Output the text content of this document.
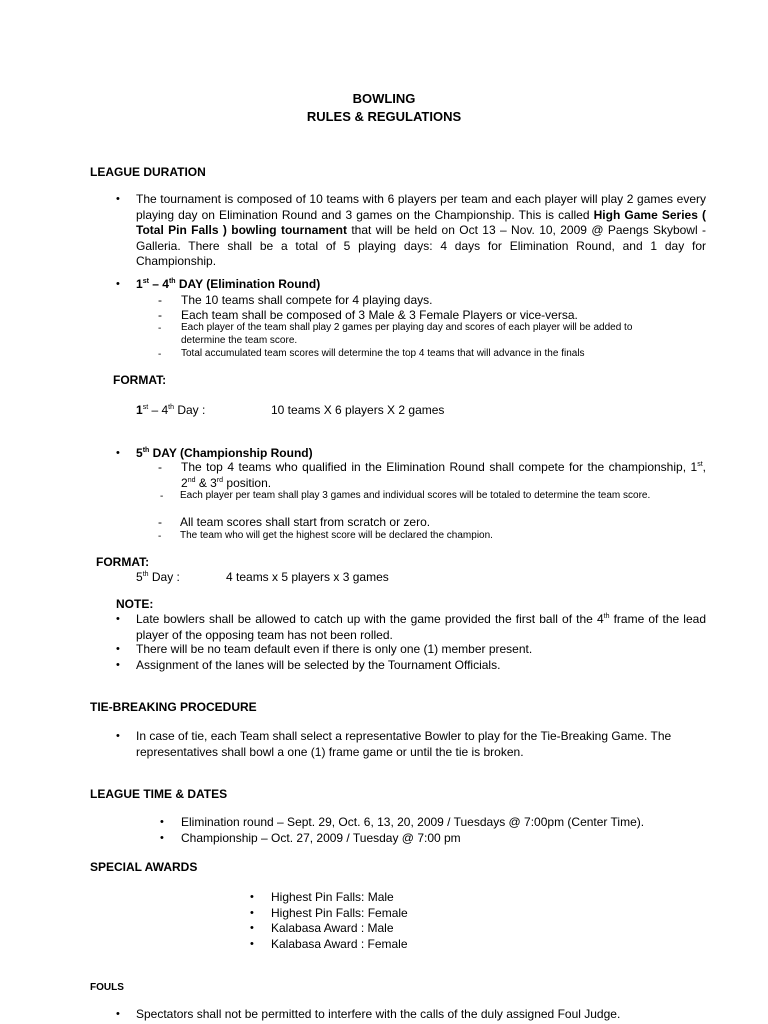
BOWLING
RULES & REGULATIONS
LEAGUE DURATION
• The tournament is composed of 10 teams with 6 players per team and each player will play 2 games every playing day on Elimination Round and 3 games on the Championship. This is called High Game Series ( Total Pin Falls ) bowling tournament that will be held on Oct 13 – Nov. 10, 2009 @ Paengs Skybowl - Galleria. There shall be a total of 5 playing days: 4 days for Elimination Round, and 1 day for Championship.
• 1st – 4th DAY (Elimination Round)
- The 10 teams shall compete for 4 playing days.
- Each team shall be composed of 3 Male & 3 Female Players or vice-versa.
- Each player of the team shall play 2 games per playing day and scores of each player will be added to determine the team score.
- Total accumulated team scores will determine the top 4 teams that will advance in the finals
FORMAT:
1st – 4th Day :	10 teams X 6 players X 2 games
• 5th DAY (Championship Round)
- The top 4 teams who qualified in the Elimination Round shall compete for the championship, 1st, 2nd & 3rd position.
- Each player per team shall play 3 games and individual scores will be totaled to determine the team score.
- All team scores shall start from scratch or zero.
- The team who will get the highest score will be declared the champion.
FORMAT:
5th Day :	4 teams x 5 players x 3 games
NOTE:
• Late bowlers shall be allowed to catch up with the game provided the first ball of the 4th frame of the lead player of the opposing team has not been rolled.
• There will be no team default even if there is only one (1) member present.
• Assignment of the lanes will be selected by the Tournament Officials.
TIE-BREAKING PROCEDURE
• In case of tie, each Team shall select a representative Bowler to play for the Tie-Breaking Game. The representatives shall bowl a one (1) frame game or until the tie is broken.
LEAGUE TIME & DATES
• Elimination round – Sept. 29, Oct. 6, 13, 20, 2009 / Tuesdays @ 7:00pm (Center Time).
• Championship – Oct. 27, 2009 / Tuesday @ 7:00 pm
SPECIAL AWARDS
• Highest Pin Falls: Male
• Highest Pin Falls: Female
• Kalabasa Award : Male
• Kalabasa Award : Female
FOULS
• Spectators shall not be permitted to interfere with the calls of the duly assigned Foul Judge.
